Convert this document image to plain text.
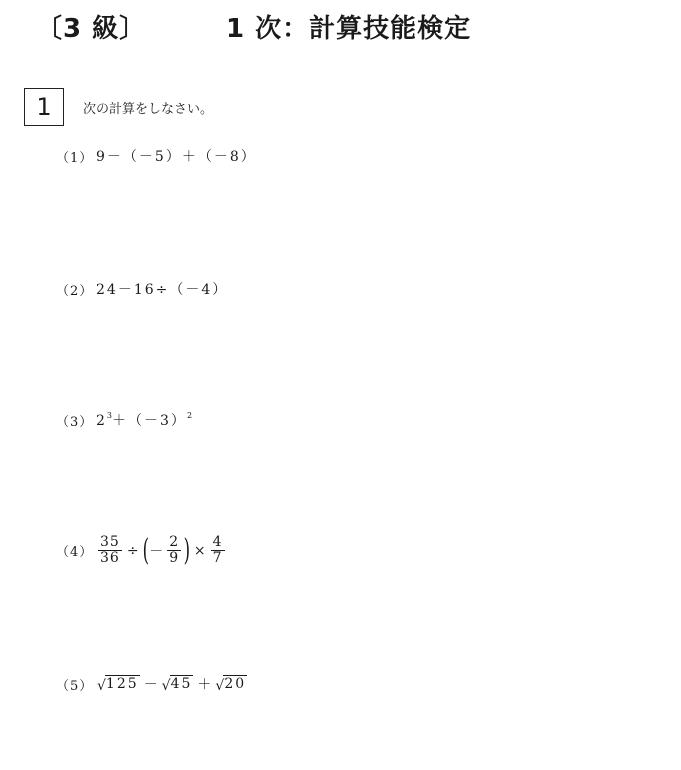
〔3 級〕	1 次：計算技能検定
1	次の計算をしなさい。
（1） 9－（－5）＋（－8）
（2） 24－16÷（－4）
（3） $2^3+(-3)^2$
$(4) \frac{35}{36}$ ÷ ( － $\frac{2}{9}$ ) × $\frac{4}{7}$
（5） √ 125 － √ 45 ＋ √ 20
